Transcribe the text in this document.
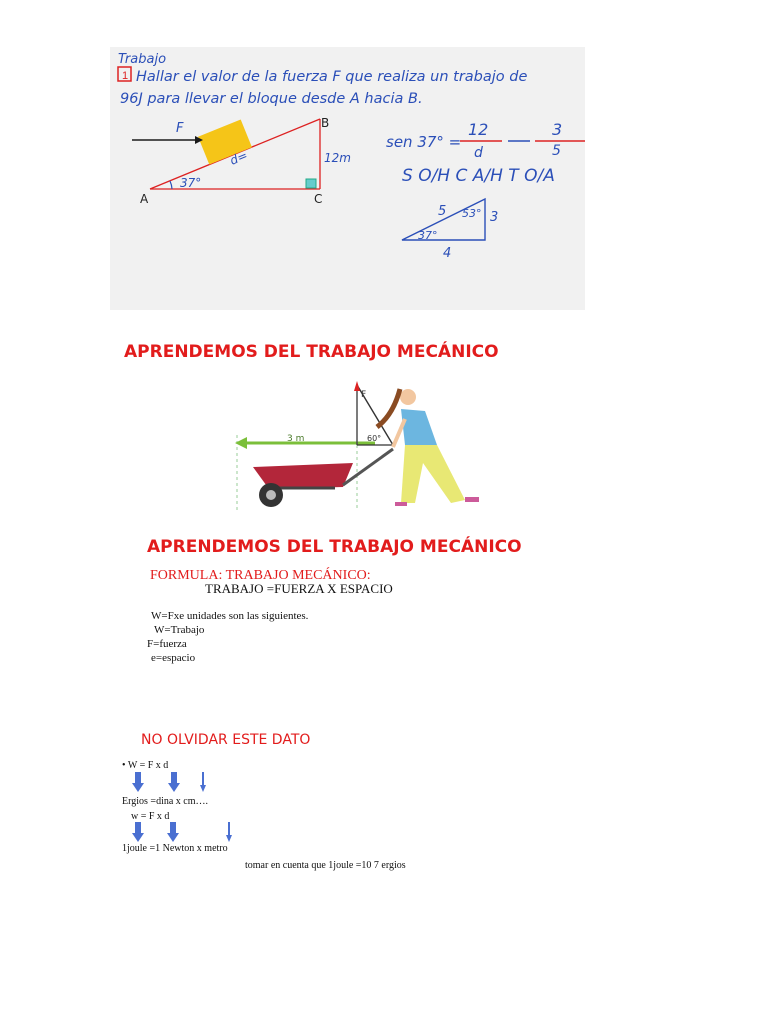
Trabajo
1 Hallar el valor de la fuerza F que realiza un trabajo de
96J para llevar el bloque desde A hacia B.
F
A
B
C
d=	12m
37°
sen 37° =
12
d
3
5
S O/H C A/H T O/A
5	3
4
37°
53°
APRENDEMOS DEL TRABAJO MECÁNICO
3 m
F
60°
APRENDEMOS DEL TRABAJO MECÁNICO
FORMULA: TRABAJO MECÁNICO:
TRABAJO =FUERZA X ESPACIO
W=Fxe unidades son las siguientes.
W=Trabajo
F=fuerza
e=espacio
NO OLVIDAR ESTE DATO
• W = F x d
Ergios =dina x cm….
w = F x d
1joule =1 Newton x metro
tomar en cuenta que 1joule =10 7 ergios
